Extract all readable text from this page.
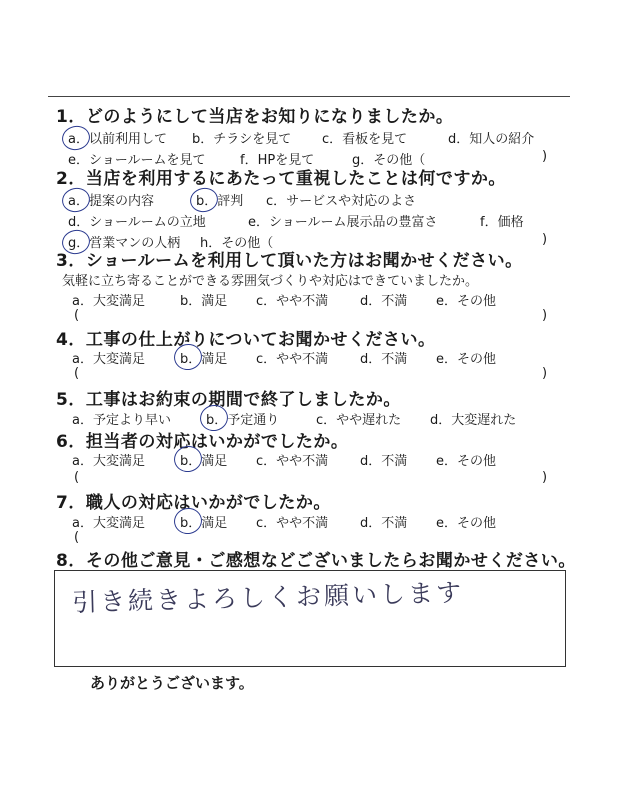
1．どのようにして当店をお知りになりましたか。
a．以前利用して b．チラシを見て c．看板を見て	d．知人の紹介
e．ショールームを見て	f．HPを見て	g．その他（	)
2．当店を利用するにあたって重視したことは何ですか。
a．提案の内容	b．評判 c．サービスや対応のよさ
d．ショールームの立地	e．ショールーム展示品の豊富さ	f．価格
g．営業マンの人柄 h．その他（	)
3．ショールームを利用して頂いた方はお聞かせください。
気軽に立ち寄ることができる雰囲気づくりや対応はできていましたか。
a．大変満足	b．満足 c．やや不満 d．不満 e．その他
(	)
4．工事の仕上がりについてお聞かせください。
a．大変満足	b．満足 c．やや不満 d．不満 e．その他
(	)
5．工事はお約束の期間で終了しましたか。
a．予定より早い	b．予定通り	c．やや遅れた d．大変遅れた
6．担当者の対応はいかがでしたか。
a．大変満足	b．満足 c．やや不満 d．不満 e．その他
(	)
7．職人の対応はいかがでしたか。
a．大変満足	b．満足 c．やや不満 d．不満 e．その他
(
8．その他ご意見・ご感想などございましたらお聞かせください。
引き続きよろしくお願いします
ありがとうございます。
